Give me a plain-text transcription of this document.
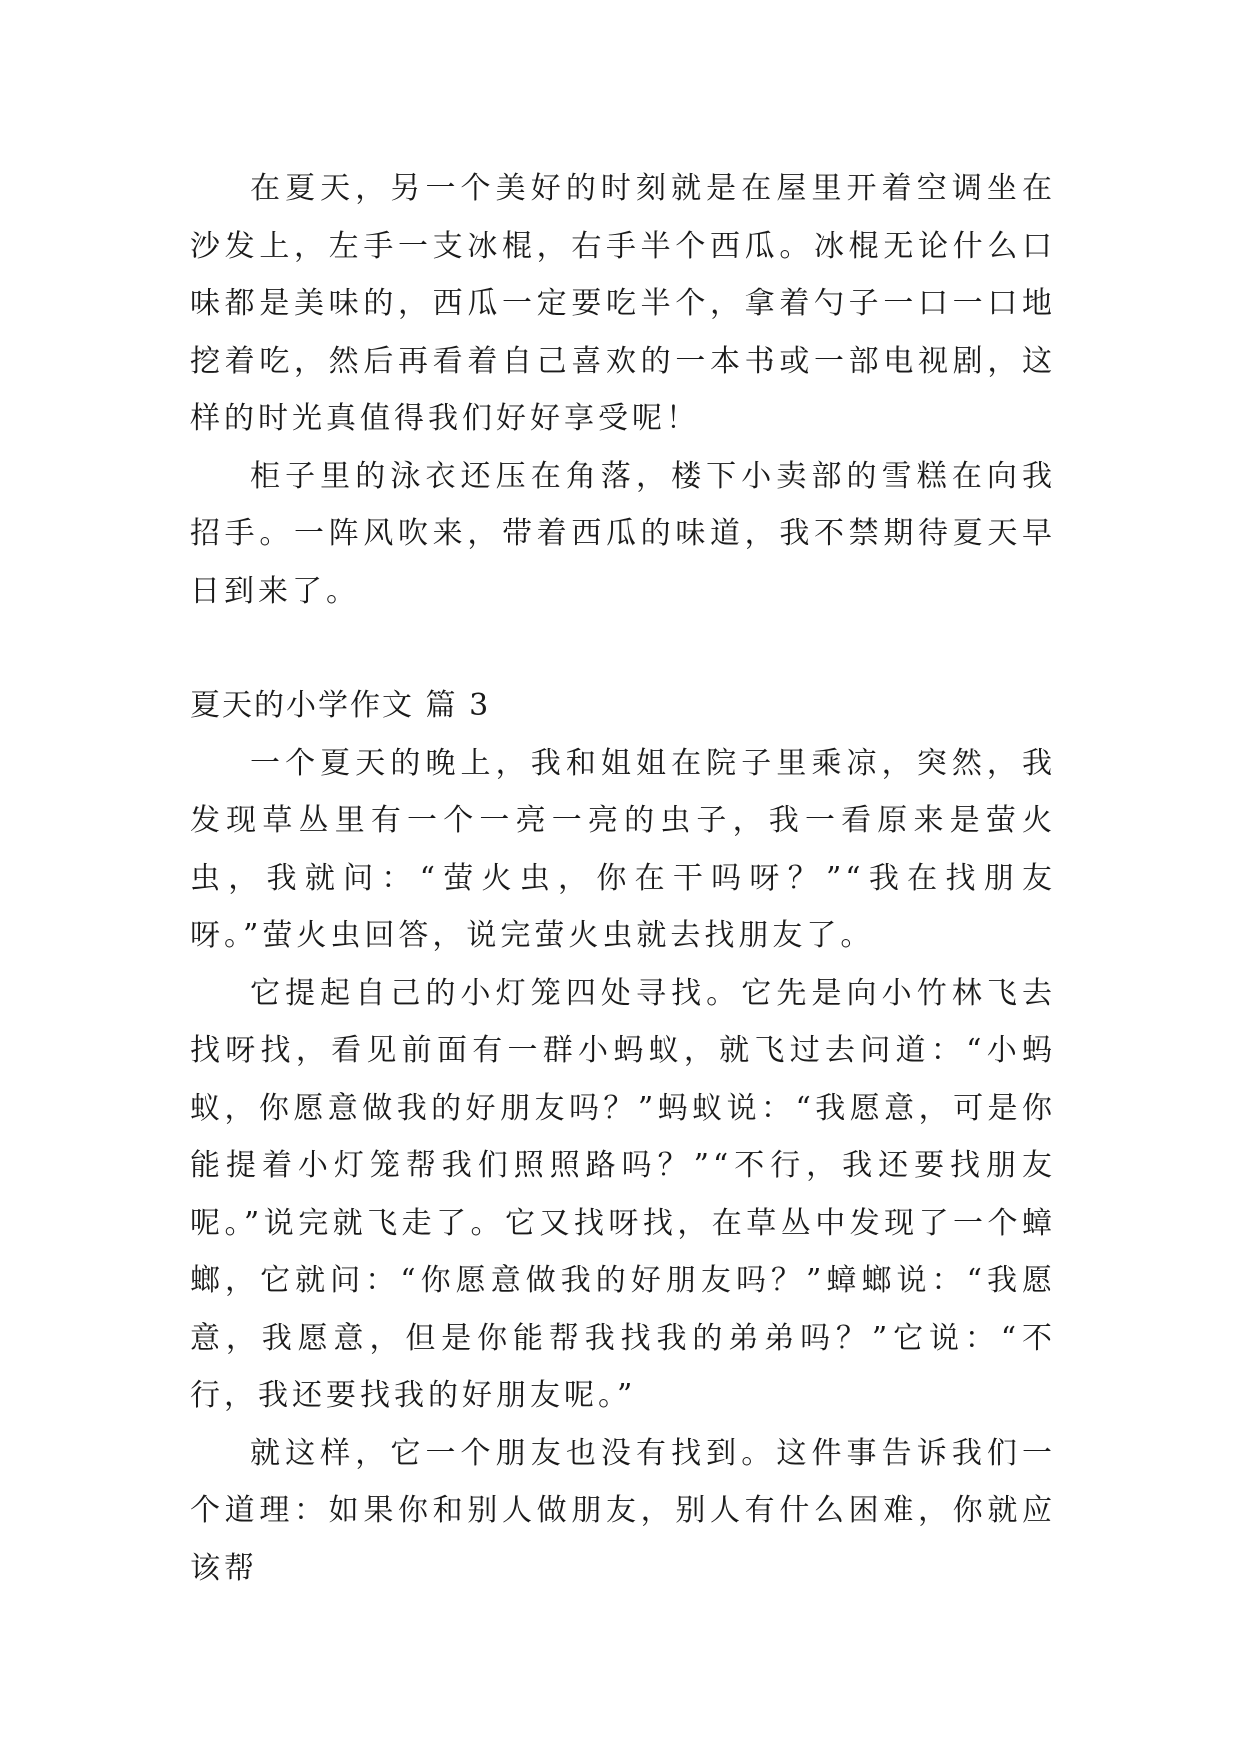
在夏天，另一个美好的时刻就是在屋里开着空调坐在沙发上，左手一支冰棍，右手半个西瓜。冰棍无论什么口味都是美味的，西瓜一定要吃半个，拿着勺子一口一口地挖着吃，然后再看着自己喜欢的一本书或一部电视剧，这样的时光真值得我们好好享受呢！

柜子里的泳衣还压在角落，楼下小卖部的雪糕在向我招手。一阵风吹来，带着西瓜的味道，我不禁期待夏天早日到来了。

夏天的小学作文 篇 3

一个夏天的晚上，我和姐姐在院子里乘凉，突然，我发现草丛里有一个一亮一亮的虫子，我一看原来是萤火虫，我就问：“萤火虫，你在干吗呀？”“我在找朋友呀。”萤火虫回答，说完萤火虫就去找朋友了。

它提起自己的小灯笼四处寻找。它先是向小竹林飞去找呀找，看见前面有一群小蚂蚁，就飞过去问道：“小蚂蚁，你愿意做我的好朋友吗？”蚂蚁说：“我愿意，可是你能提着小灯笼帮我们照照路吗？”“不行，我还要找朋友呢。”说完就飞走了。它又找呀找，在草丛中发现了一个蟑螂，它就问：“你愿意做我的好朋友吗？”蟑螂说：“我愿意，我愿意，但是你能帮我找我的弟弟吗？”它说：“不行，我还要找我的好朋友呢。”

就这样，它一个朋友也没有找到。这件事告诉我们一个道理：如果你和别人做朋友，别人有什么困难，你就应该帮
